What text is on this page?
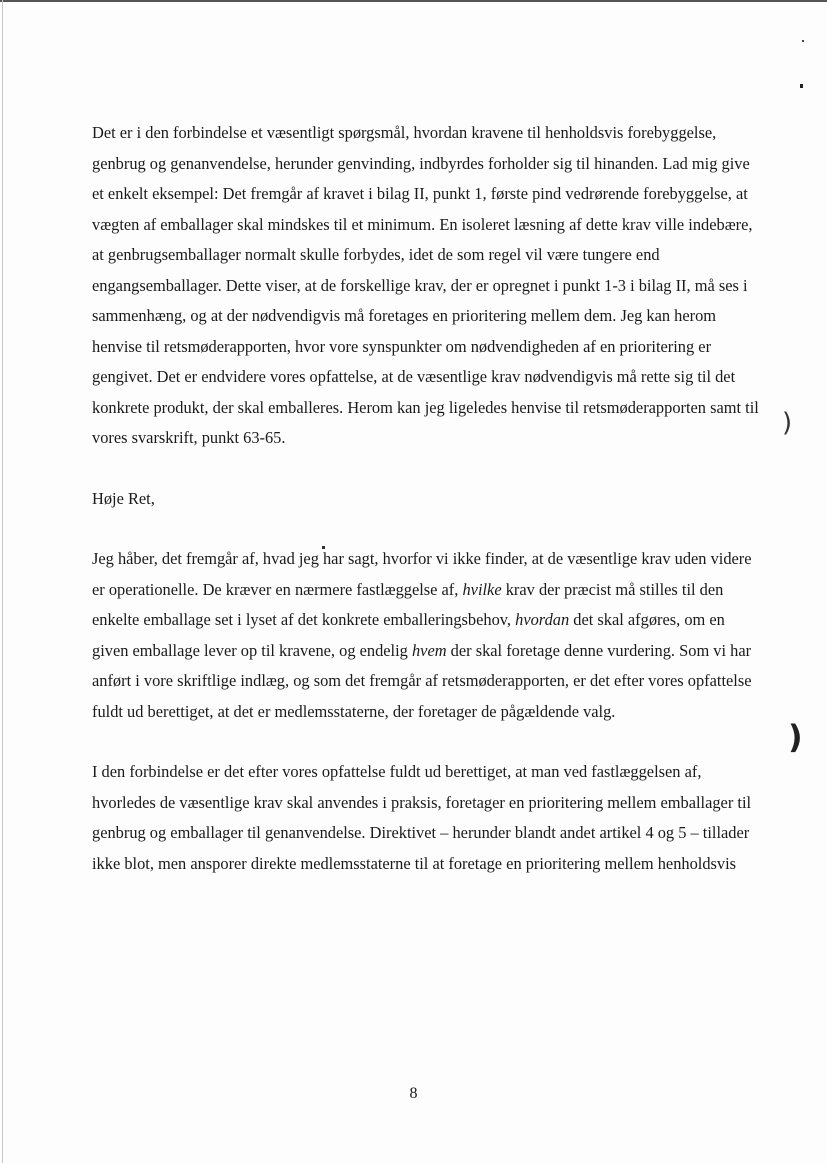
Det er i den forbindelse et væsentligt spørgsmål, hvordan kravene til henholdsvis forebyggelse, genbrug og genanvendelse, herunder genvinding, indbyrdes forholder sig til hinanden. Lad mig give et enkelt eksempel: Det fremgår af kravet i bilag II, punkt 1, første pind vedrørende forebyggelse, at vægten af emballager skal mindskes til et minimum. En isoleret læsning af dette krav ville indebære, at genbrugsemballager normalt skulle forbydes, idet de som regel vil være tungere end engangsemballager. Dette viser, at de forskellige krav, der er opregnet i punkt 1-3 i bilag II, må ses i sammenhæng, og at der nødvendigvis må foretages en prioritering mellem dem. Jeg kan herom henvise til retsmøderapporten, hvor vore synspunkter om nødvendigheden af en prioritering er gengivet. Det er endvidere vores opfattelse, at de væsentlige krav nødvendigvis må rette sig til det konkrete produkt, der skal emballeres. Herom kan jeg ligeledes henvise til retsmøderapporten samt til vores svarskrift, punkt 63-65.

Høje Ret,

Jeg håber, det fremgår af, hvad jeg har sagt, hvorfor vi ikke finder, at de væsentlige krav uden videre er operationelle. De kræver en nærmere fastlæggelse af, hvilke krav der præcist må stilles til den enkelte emballage set i lyset af det konkrete emballeringsbehov, hvordan det skal afgøres, om en given emballage lever op til kravene, og endelig hvem der skal foretage denne vurdering. Som vi har anført i vore skriftlige indlæg, og som det fremgår af retsmøderapporten, er det efter vores opfattelse fuldt ud berettiget, at det er medlemsstaterne, der foretager de pågældende valg.

I den forbindelse er det efter vores opfattelse fuldt ud berettiget, at man ved fastlæggelsen af, hvorledes de væsentlige krav skal anvendes i praksis, foretager en prioritering mellem emballager til genbrug og emballager til genanvendelse. Direktivet – herunder blandt andet artikel 4 og 5 – tillader ikke blot, men ansporer direkte medlemsstaterne til at foretage en prioritering mellem henholdsvis

8
)
)
